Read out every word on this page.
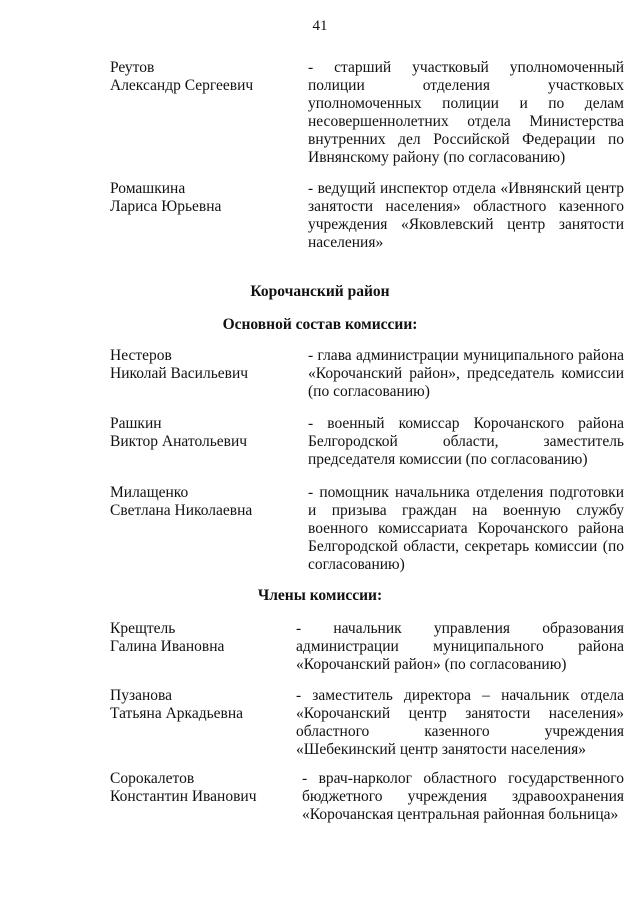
41
Реутов
Александр Сергеевич
- старший участковый уполномоченный полиции отделения участковых уполномоченных полиции и по делам несовершеннолетних отдела Министерства внутренних дел Российской Федерации по Ивнянскому району (по согласованию)
Ромашкина
Лариса Юрьевна
- ведущий инспектор отдела «Ивнянский центр занятости населения» областного казенного учреждения «Яковлевский центр занятости населения»
Корочанский район
Основной состав комиссии:
Нестеров
Николай Васильевич
- глава администрации муниципального района «Корочанский район», председатель комиссии (по согласованию)
Рашкин
Виктор Анатольевич
- военный комиссар Корочанского района Белгородской области, заместитель председателя комиссии (по согласованию)
Милащенко
Светлана Николаевна
- помощник начальника отделения подготовки и призыва граждан на военную службу военного комиссариата Корочанского района Белгородской области, секретарь комиссии (по согласованию)
Члены комиссии:
Крещтель
Галина Ивановна
- начальник управления образования администрации муниципального района «Корочанский район» (по согласованию)
Пузанова
Татьяна Аркадьевна
- заместитель директора – начальник отдела «Корочанский центр занятости населения» областного казенного учреждения «Шебекинский центр занятости населения»
Сорокалетов
Константин Иванович
- врач-нарколог областного государственного бюджетного учреждения здравоохранения «Корочанская центральная районная больница»
